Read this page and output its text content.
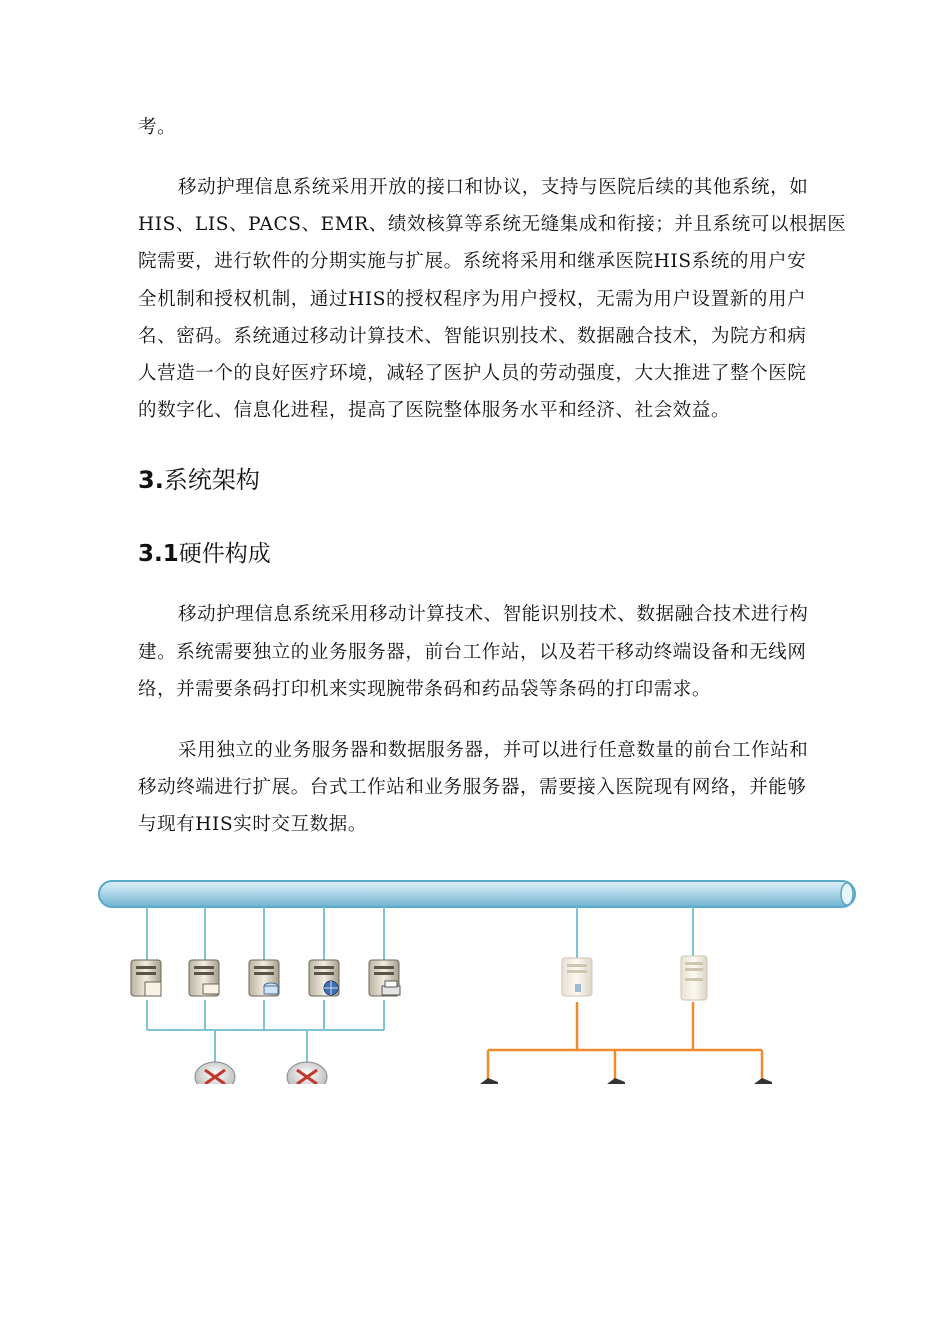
考。
移动护理信息系统采用开放的接口和协议，支持与医院后续的其他系统，如
HIS、LIS、PACS、EMR、绩效核算等系统无缝集成和衔接；并且系统可以根据医
院需要，进行软件的分期实施与扩展。系统将采用和继承医院HIS系统的用户安
全机制和授权机制，通过HIS的授权程序为用户授权，无需为用户设置新的用户
名、密码。系统通过移动计算技术、智能识别技术、数据融合技术，为院方和病
人营造一个的良好医疗环境，减轻了医护人员的劳动强度，大大推进了整个医院
的数字化、信息化进程，提高了医院整体服务水平和经济、社会效益。
3.系统架构
3.1硬件构成
移动护理信息系统采用移动计算技术、智能识别技术、数据融合技术进行构
建。系统需要独立的业务服务器，前台工作站，以及若干移动终端设备和无线网
络，并需要条码打印机来实现腕带条码和药品袋等条码的打印需求。
采用独立的业务服务器和数据服务器，并可以进行任意数量的前台工作站和
移动终端进行扩展。台式工作站和业务服务器，需要接入医院现有网络，并能够
与现有HIS实时交互数据。
